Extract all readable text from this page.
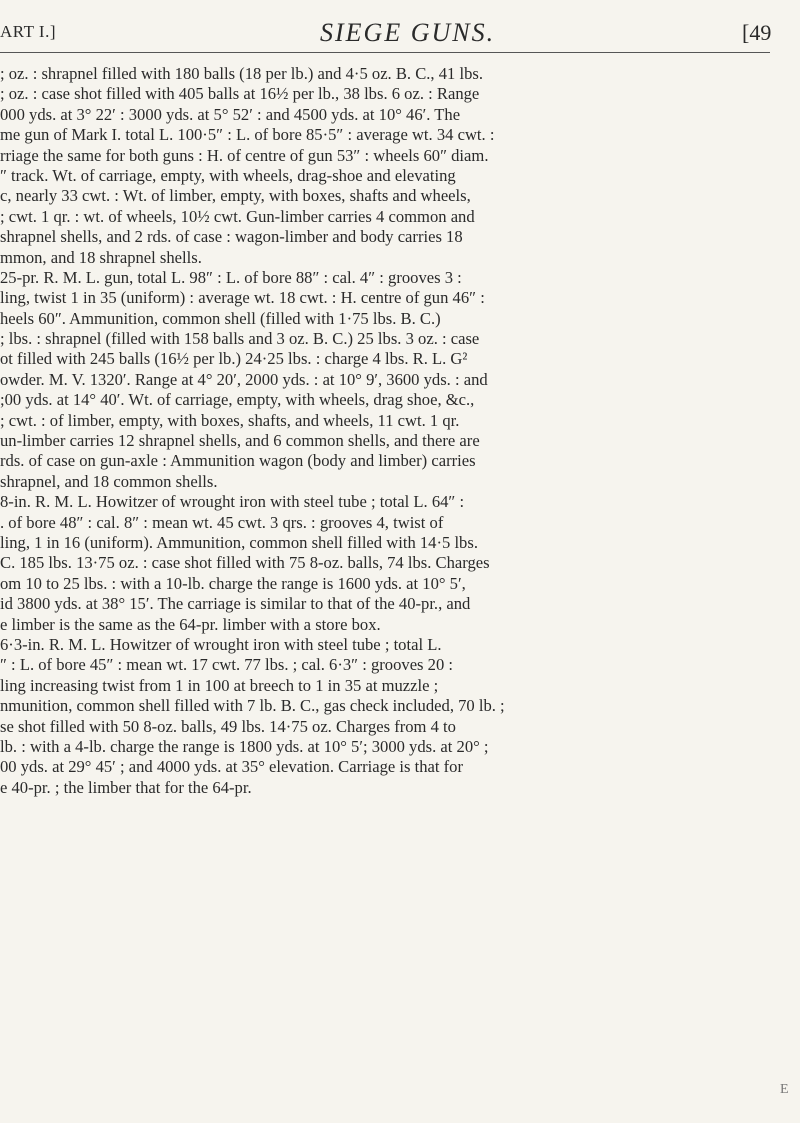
ART I.]	SIEGE GUNS.	[49
; oz. : shrapnel filled with 180 balls (18 per lb.) and 4·5 oz. B. C., 41 lbs.
; oz. : case shot filled with 405 balls at 16½ per lb., 38 lbs. 6 oz. : Range
000 yds. at 3° 22′ : 3000 yds. at 5° 52′ : and 4500 yds. at 10° 46′. The
me gun of Mark I. total L. 100·5″ : L. of bore 85·5″ : average wt. 34 cwt. :
rriage the same for both guns : H. of centre of gun 53″ : wheels 60″ diam.
″ track. Wt. of carriage, empty, with wheels, drag-shoe and elevating
c, nearly 33 cwt. : Wt. of limber, empty, with boxes, shafts and wheels,
; cwt. 1 qr. : wt. of wheels, 10½ cwt. Gun-limber carries 4 common and
shrapnel shells, and 2 rds. of case : wagon-limber and body carries 18
mmon, and 18 shrapnel shells.
25-pr. R. M. L. gun, total L. 98″ : L. of bore 88″ : cal. 4″ : grooves 3 :
ling, twist 1 in 35 (uniform) : average wt. 18 cwt. : H. centre of gun 46″ :
heels 60″. Ammunition, common shell (filled with 1·75 lbs. B. C.)
; lbs. : shrapnel (filled with 158 balls and 3 oz. B. C.) 25 lbs. 3 oz. : case
ot filled with 245 balls (16½ per lb.) 24·25 lbs. : charge 4 lbs. R. L. G²
owder. M. V. 1320′. Range at 4° 20′, 2000 yds. : at 10° 9′, 3600 yds. : and
;00 yds. at 14° 40′. Wt. of carriage, empty, with wheels, drag shoe, &c.,
; cwt. : of limber, empty, with boxes, shafts, and wheels, 11 cwt. 1 qr.
un-limber carries 12 shrapnel shells, and 6 common shells, and there are
rds. of case on gun-axle : Ammunition wagon (body and limber) carries
shrapnel, and 18 common shells.
8-in. R. M. L. Howitzer of wrought iron with steel tube ; total L. 64″ :
. of bore 48″ : cal. 8″ : mean wt. 45 cwt. 3 qrs. : grooves 4, twist of
ling, 1 in 16 (uniform). Ammunition, common shell filled with 14·5 lbs.
C. 185 lbs. 13·75 oz. : case shot filled with 75 8-oz. balls, 74 lbs. Charges
om 10 to 25 lbs. : with a 10-lb. charge the range is 1600 yds. at 10° 5′,
id 3800 yds. at 38° 15′. The carriage is similar to that of the 40-pr., and
e limber is the same as the 64-pr. limber with a store box.
6·3-in. R. M. L. Howitzer of wrought iron with steel tube ; total L.
″ : L. of bore 45″ : mean wt. 17 cwt. 77 lbs. ; cal. 6·3″ : grooves 20 :
ling increasing twist from 1 in 100 at breech to 1 in 35 at muzzle ;
nmunition, common shell filled with 7 lb. B. C., gas check included, 70 lb. ;
se shot filled with 50 8-oz. balls, 49 lbs. 14·75 oz. Charges from 4 to
lb. : with a 4-lb. charge the range is 1800 yds. at 10° 5′; 3000 yds. at 20° ;
00 yds. at 29° 45′ ; and 4000 yds. at 35° elevation. Carriage is that for
e 40-pr. ; the limber that for the 64-pr.
E
